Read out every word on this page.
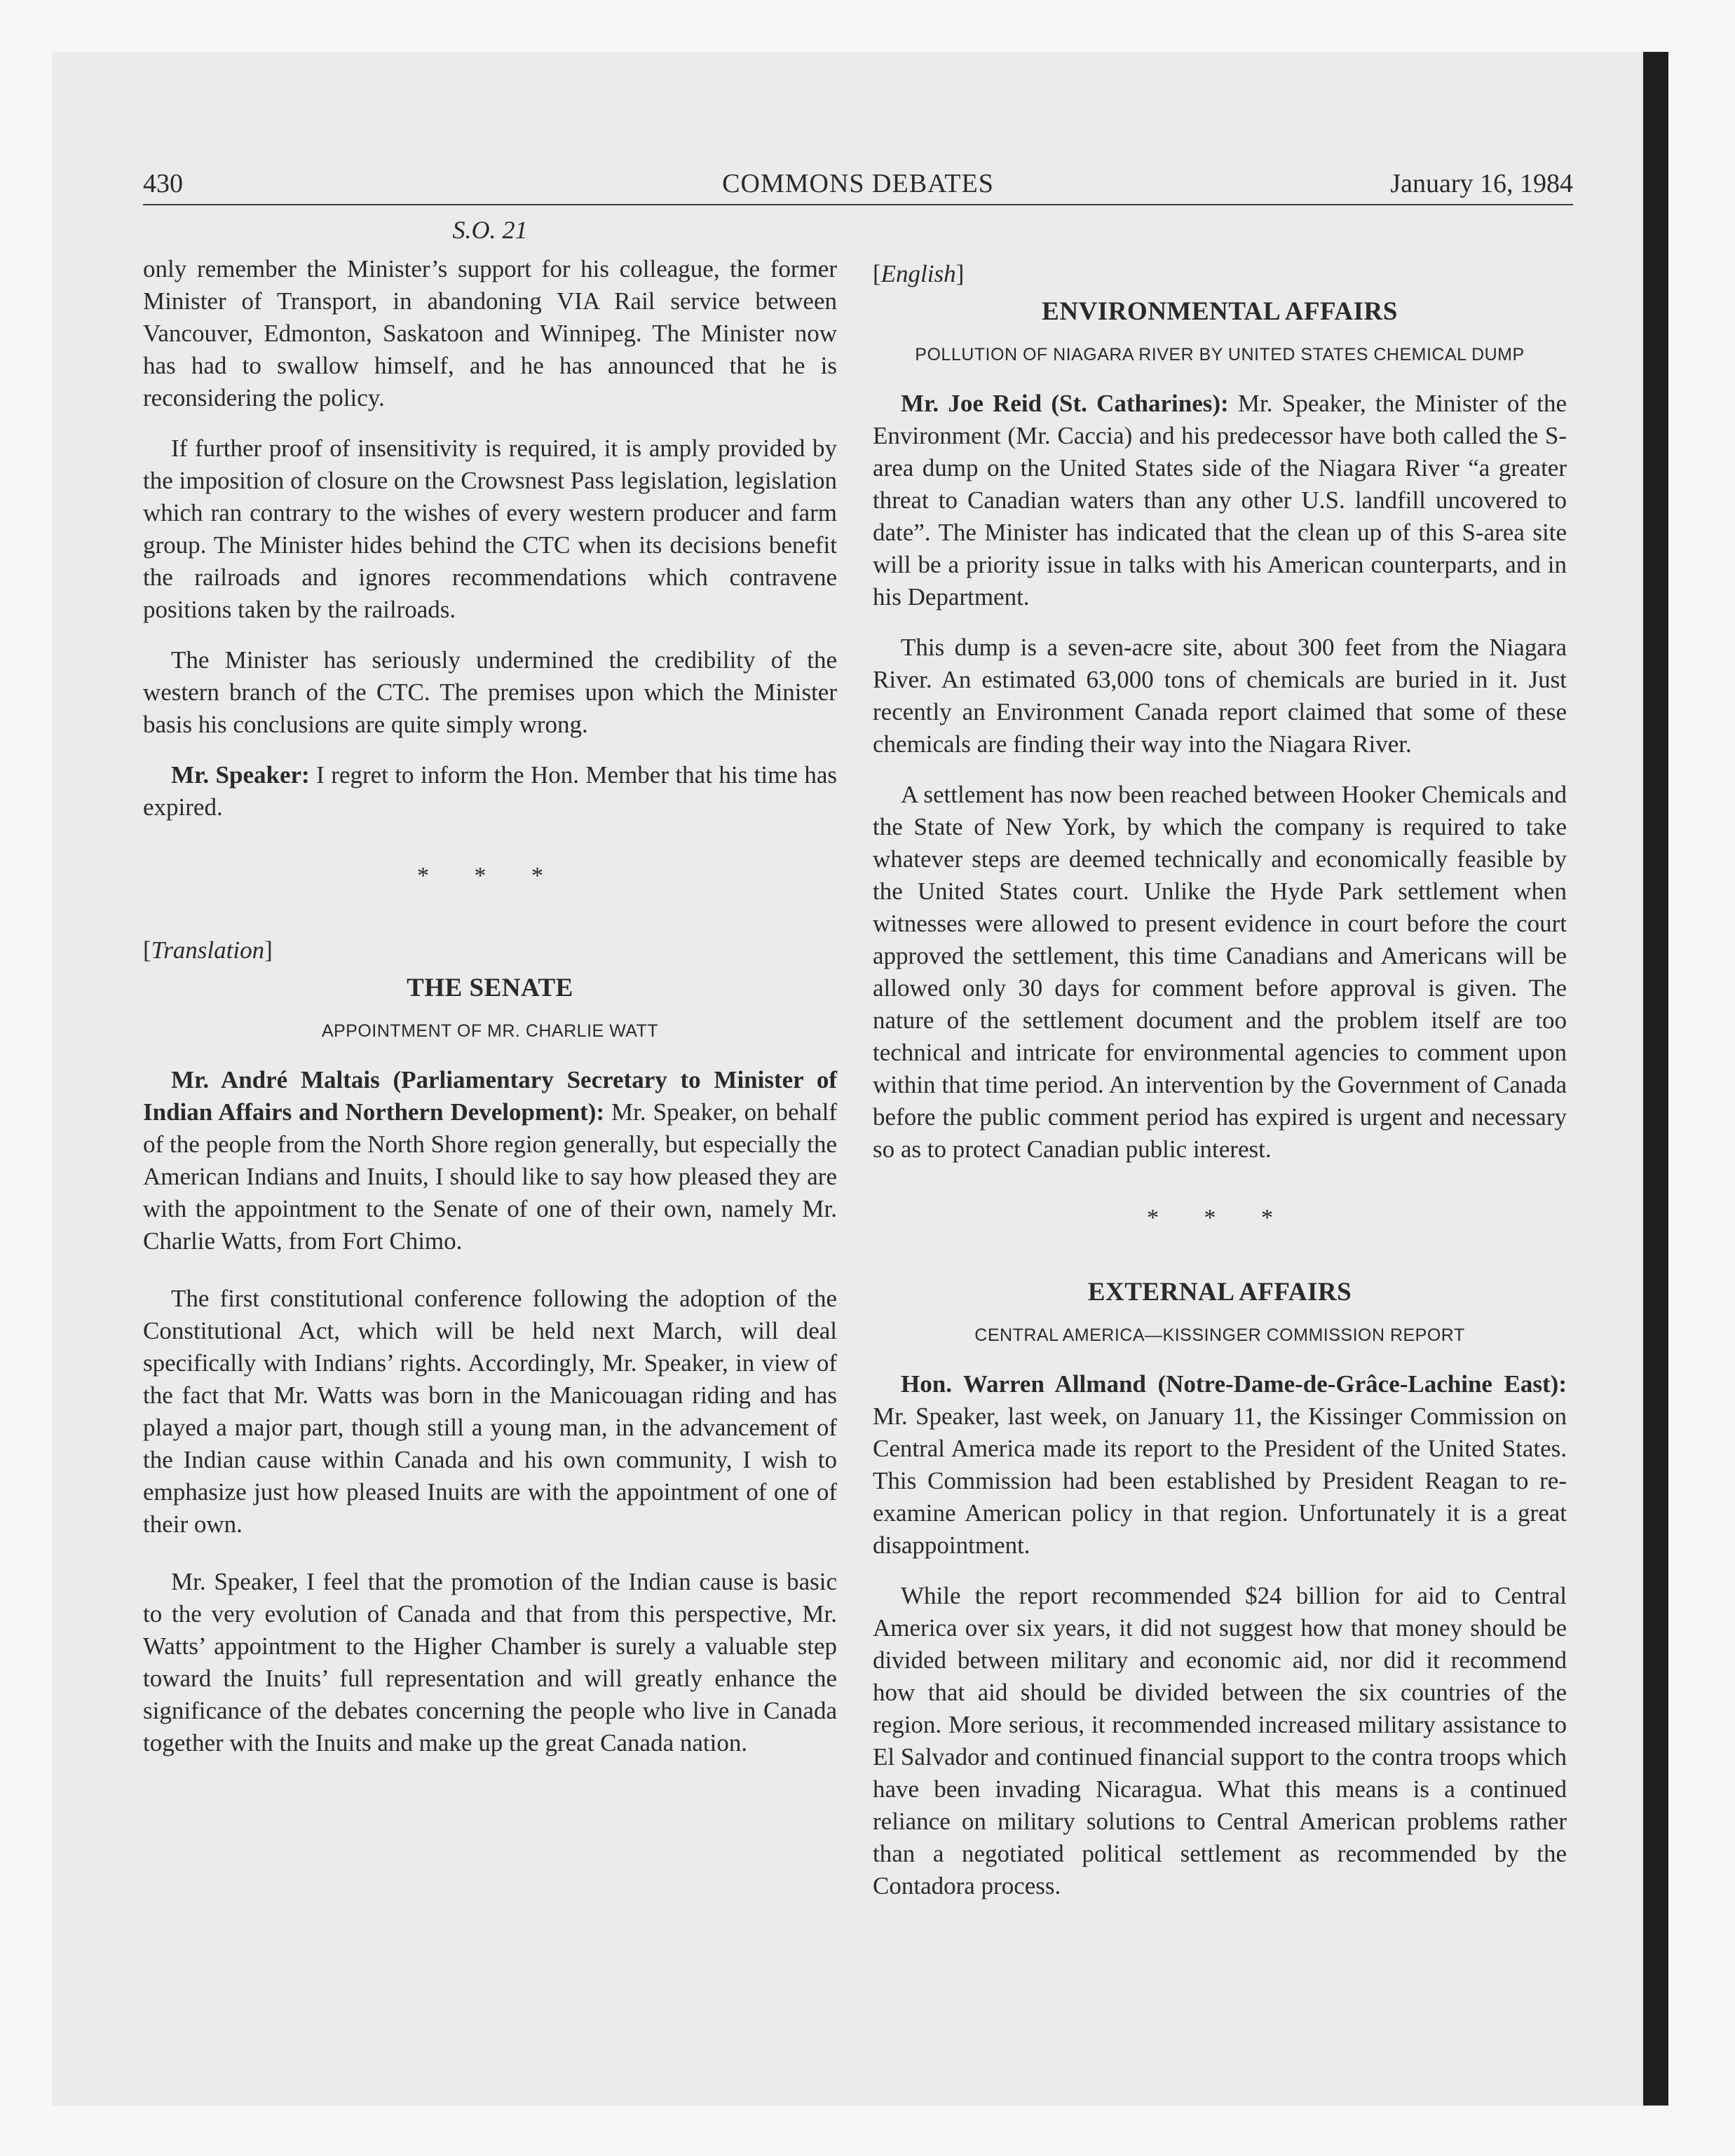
430	COMMONS DEBATES	January 16, 1984
S.O. 21

only remember the Minister’s support for his colleague, the former Minister of Transport, in abandoning VIA Rail service between Vancouver, Edmonton, Saskatoon and Winnipeg. The Minister now has had to swallow himself, and he has announced that he is reconsidering the policy.

If further proof of insensitivity is required, it is amply provided by the imposition of closure on the Crowsnest Pass legislation, legislation which ran contrary to the wishes of every western producer and farm group. The Minister hides behind the CTC when its decisions benefit the railroads and ignores recommendations which contravene positions taken by the railroads.

The Minister has seriously undermined the credibility of the western branch of the CTC. The premises upon which the Minister basis his conclusions are quite simply wrong.

Mr. Speaker: I regret to inform the Hon. Member that his time has expired.

* * *
[Translation]
THE SENATE
APPOINTMENT OF MR. CHARLIE WATT

Mr. André Maltais (Parliamentary Secretary to Minister of Indian Affairs and Northern Development): Mr. Speaker, on behalf of the people from the North Shore region generally, but especially the American Indians and Inuits, I should like to say how pleased they are with the appointment to the Senate of one of their own, namely Mr. Charlie Watts, from Fort Chimo.

The first constitutional conference following the adoption of the Constitutional Act, which will be held next March, will deal specifically with Indians’ rights. Accordingly, Mr. Speaker, in view of the fact that Mr. Watts was born in the Manicouagan riding and has played a major part, though still a young man, in the advancement of the Indian cause within Canada and his own community, I wish to emphasize just how pleased Inuits are with the appointment of one of their own.

Mr. Speaker, I feel that the promotion of the Indian cause is basic to the very evolution of Canada and that from this perspective, Mr. Watts’ appointment to the Higher Chamber is surely a valuable step toward the Inuits’ full representation and will greatly enhance the significance of the debates concerning the people who live in Canada together with the Inuits and make up the great Canada nation.

[English]
ENVIRONMENTAL AFFAIRS
POLLUTION OF NIAGARA RIVER BY UNITED STATES CHEMICAL DUMP

Mr. Joe Reid (St. Catharines): Mr. Speaker, the Minister of the Environment (Mr. Caccia) and his predecessor have both called the S-area dump on the United States side of the Niagara River “a greater threat to Canadian waters than any other U.S. landfill uncovered to date”. The Minister has indicated that the clean up of this S-area site will be a priority issue in talks with his American counterparts, and in his Department.

This dump is a seven-acre site, about 300 feet from the Niagara River. An estimated 63,000 tons of chemicals are buried in it. Just recently an Environment Canada report claimed that some of these chemicals are finding their way into the Niagara River.

A settlement has now been reached between Hooker Chemicals and the State of New York, by which the company is required to take whatever steps are deemed technically and economically feasible by the United States court. Unlike the Hyde Park settlement when witnesses were allowed to present evidence in court before the court approved the settlement, this time Canadians and Americans will be allowed only 30 days for comment before approval is given. The nature of the settlement document and the problem itself are too technical and intricate for environmental agencies to comment upon within that time period. An intervention by the Government of Canada before the public comment period has expired is urgent and necessary so as to protect Canadian public interest.

* * *
EXTERNAL AFFAIRS
CENTRAL AMERICA—KISSINGER COMMISSION REPORT

Hon. Warren Allmand (Notre-Dame-de-Grâce-Lachine East): Mr. Speaker, last week, on January 11, the Kissinger Commission on Central America made its report to the President of the United States. This Commission had been established by President Reagan to re-examine American policy in that region. Unfortunately it is a great disappointment.

While the report recommended $24 billion for aid to Central America over six years, it did not suggest how that money should be divided between military and economic aid, nor did it recommend how that aid should be divided between the six countries of the region. More serious, it recommended increased military assistance to El Salvador and continued financial support to the contra troops which have been invading Nicaragua. What this means is a continued reliance on military solutions to Central American problems rather than a negotiated political settlement as recommended by the Contadora process.
